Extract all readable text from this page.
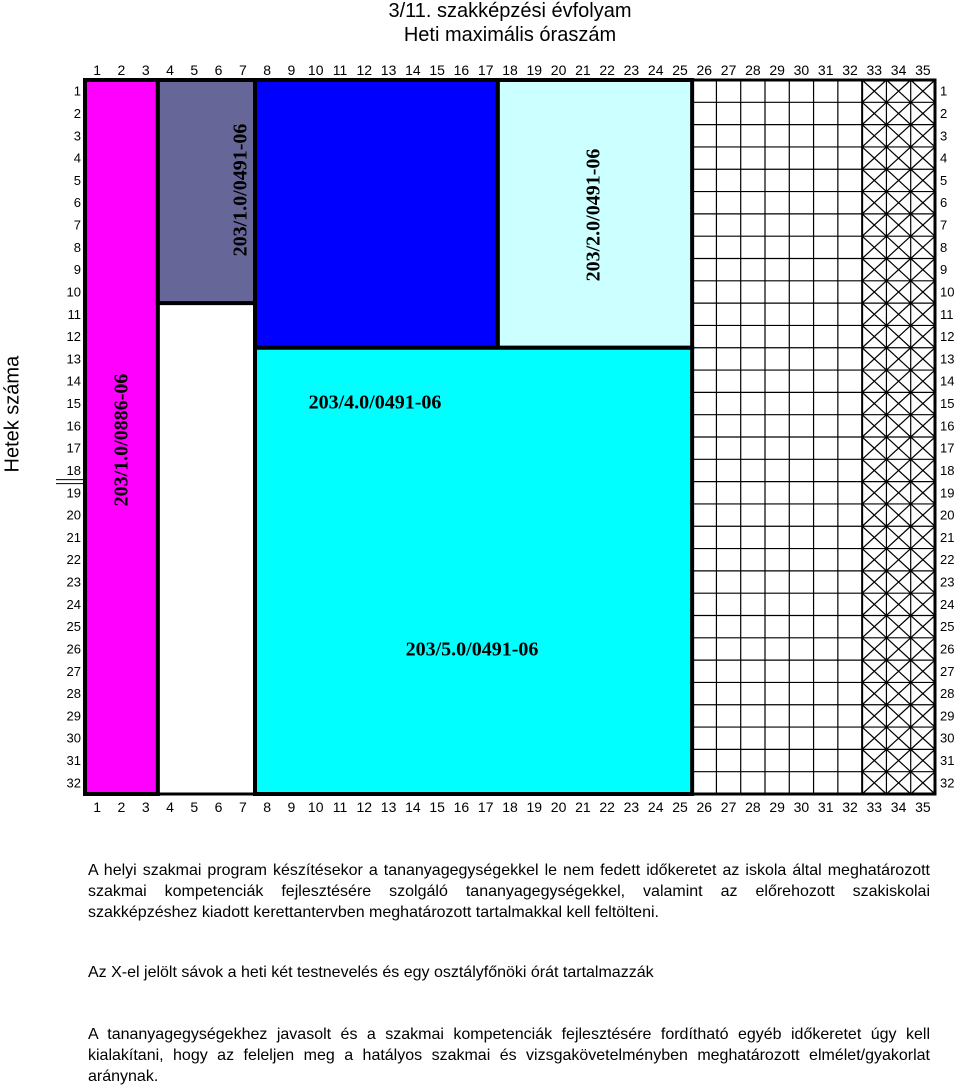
3/11. szakképzési évfolyam
Heti maximális óraszám
Hetek száma
1
1
2
2
3
3
4
4
5
5
6
6
7
7
8
8
9
9
10
10
11
11
12
12
13
13
14
14
15
15
16
16
17
17
18
18
19
19
20
20
21
21
22
22
23
23
24
24
25
25
26
26
27
27
28
28
29
29
30
30
31
31
32
32
33
33
34
34
35
35
1	1
2	2
3	3
4	4
5	5
6	6
7	7
8	8
9	9
10	10
11	11
12	12
13	13
14	14
15	15
16	16
17	17
18	18
19	19
20	20
21	21
22	22
23	23
24	24
25	25
26	26
27	27
28	28
29	29
30	30
31	31
32	32
203/1.0/0886-06
203/1.0/0491-06
203/4.0/0491-06
203/2.0/0491-06
203/5.0/0491-06
A helyi szakmai program készítésekor a tananyagegységekkel le nem fedett időkeretet az iskola által meghatározott szakmai kompetenciák fejlesztésére szolgáló tananyagegységekkel, valamint az előrehozott szakiskolai szakképzéshez kiadott kerettantervben meghatározott tartalmakkal kell feltölteni.
Az X-el jelölt sávok a heti két testnevelés és egy osztályfőnöki órát tartalmazzák
A tananyagegységekhez javasolt és a szakmai kompetenciák fejlesztésére fordítható egyéb időkeretet úgy kell kialakítani, hogy az feleljen meg a hatályos szakmai és vizsgakövetelményben meghatározott elmélet/gyakorlat aránynak.
